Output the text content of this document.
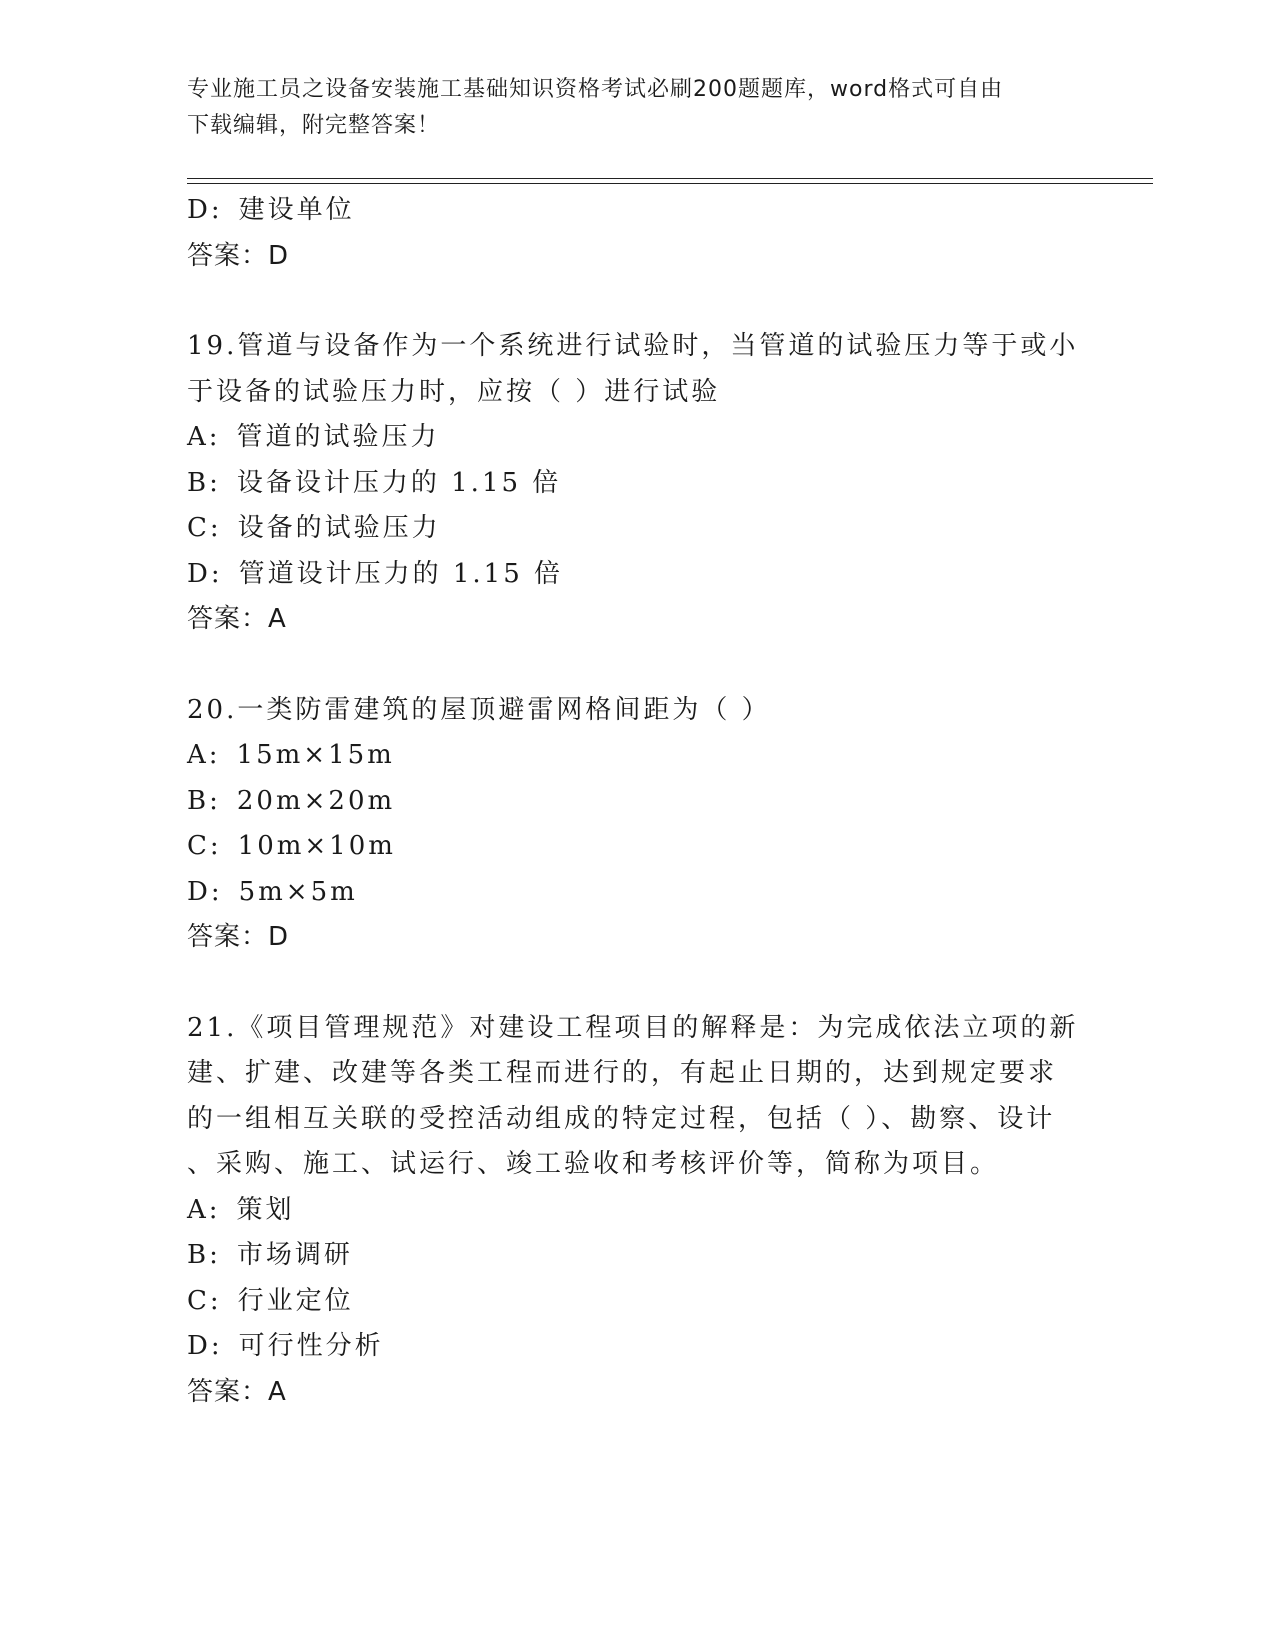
专业施工员之设备安装施工基础知识资格考试必刷200题题库，word格式可自由
下载编辑，附完整答案！
D: 建设单位
答案：D
19.管道与设备作为一个系统进行试验时，当管道的试验压力等于或小
于设备的试验压力时，应按（ ）进行试验
A: 管道的试验压力
B: 设备设计压力的 1.15 倍
C: 设备的试验压力
D: 管道设计压力的 1.15 倍
答案：A
20.一类防雷建筑的屋顶避雷网格间距为（ ）
A: 15m×15m
B: 20m×20m
C: 10m×10m
D: 5m×5m
答案：D
21.《项目管理规范》对建设工程项目的解释是：为完成依法立项的新
建、扩建、改建等各类工程而进行的，有起止日期的，达到规定要求
的一组相互关联的受控活动组成的特定过程，包括（ ）、勘察、设计
、采购、施工、试运行、竣工验收和考核评价等，简称为项目。
A: 策划
B: 市场调研
C: 行业定位
D: 可行性分析
答案：A
